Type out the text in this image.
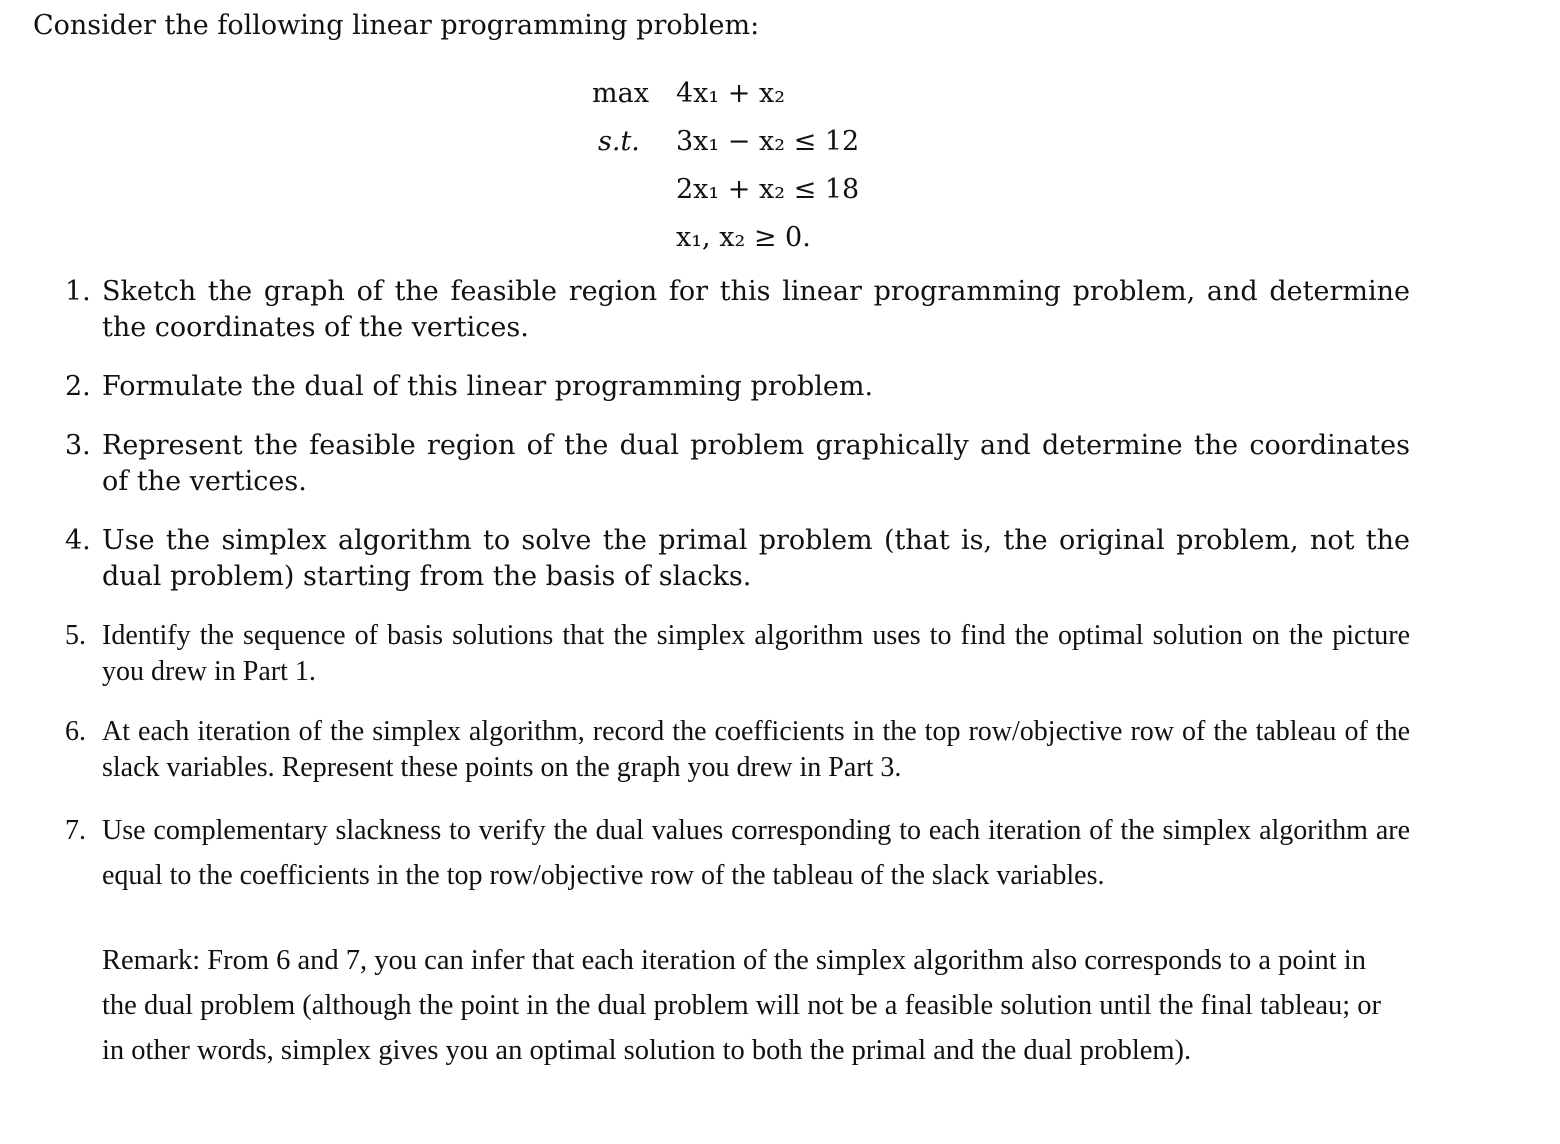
Consider the following linear programming problem:
max 4x₁ + x₂
s.t. 3x₁ − x₂ ≤ 12
2x₁ + x₂ ≤ 18
x₁, x₂ ≥ 0.
1. Sketch the graph of the feasible region for this linear programming problem, and determine the coordinates of the vertices.
2. Formulate the dual of this linear programming problem.
3. Represent the feasible region of the dual problem graphically and determine the coordinates of the vertices.
4. Use the simplex algorithm to solve the primal problem (that is, the original problem, not the dual problem) starting from the basis of slacks.
5. Identify the sequence of basis solutions that the simplex algorithm uses to find the optimal solution on the picture you drew in Part 1.
6. At each iteration of the simplex algorithm, record the coefficients in the top row/objective row of the tableau of the slack variables. Represent these points on the graph you drew in Part 3.
7. Use complementary slackness to verify the dual values corresponding to each iteration of the simplex algorithm are equal to the coefficients in the top row/objective row of the tableau of the slack variables.
Remark: From 6 and 7, you can infer that each iteration of the simplex algorithm also corresponds to a point in the dual problem (although the point in the dual problem will not be a feasible solution until the final tableau; or in other words, simplex gives you an optimal solution to both the primal and the dual problem).
